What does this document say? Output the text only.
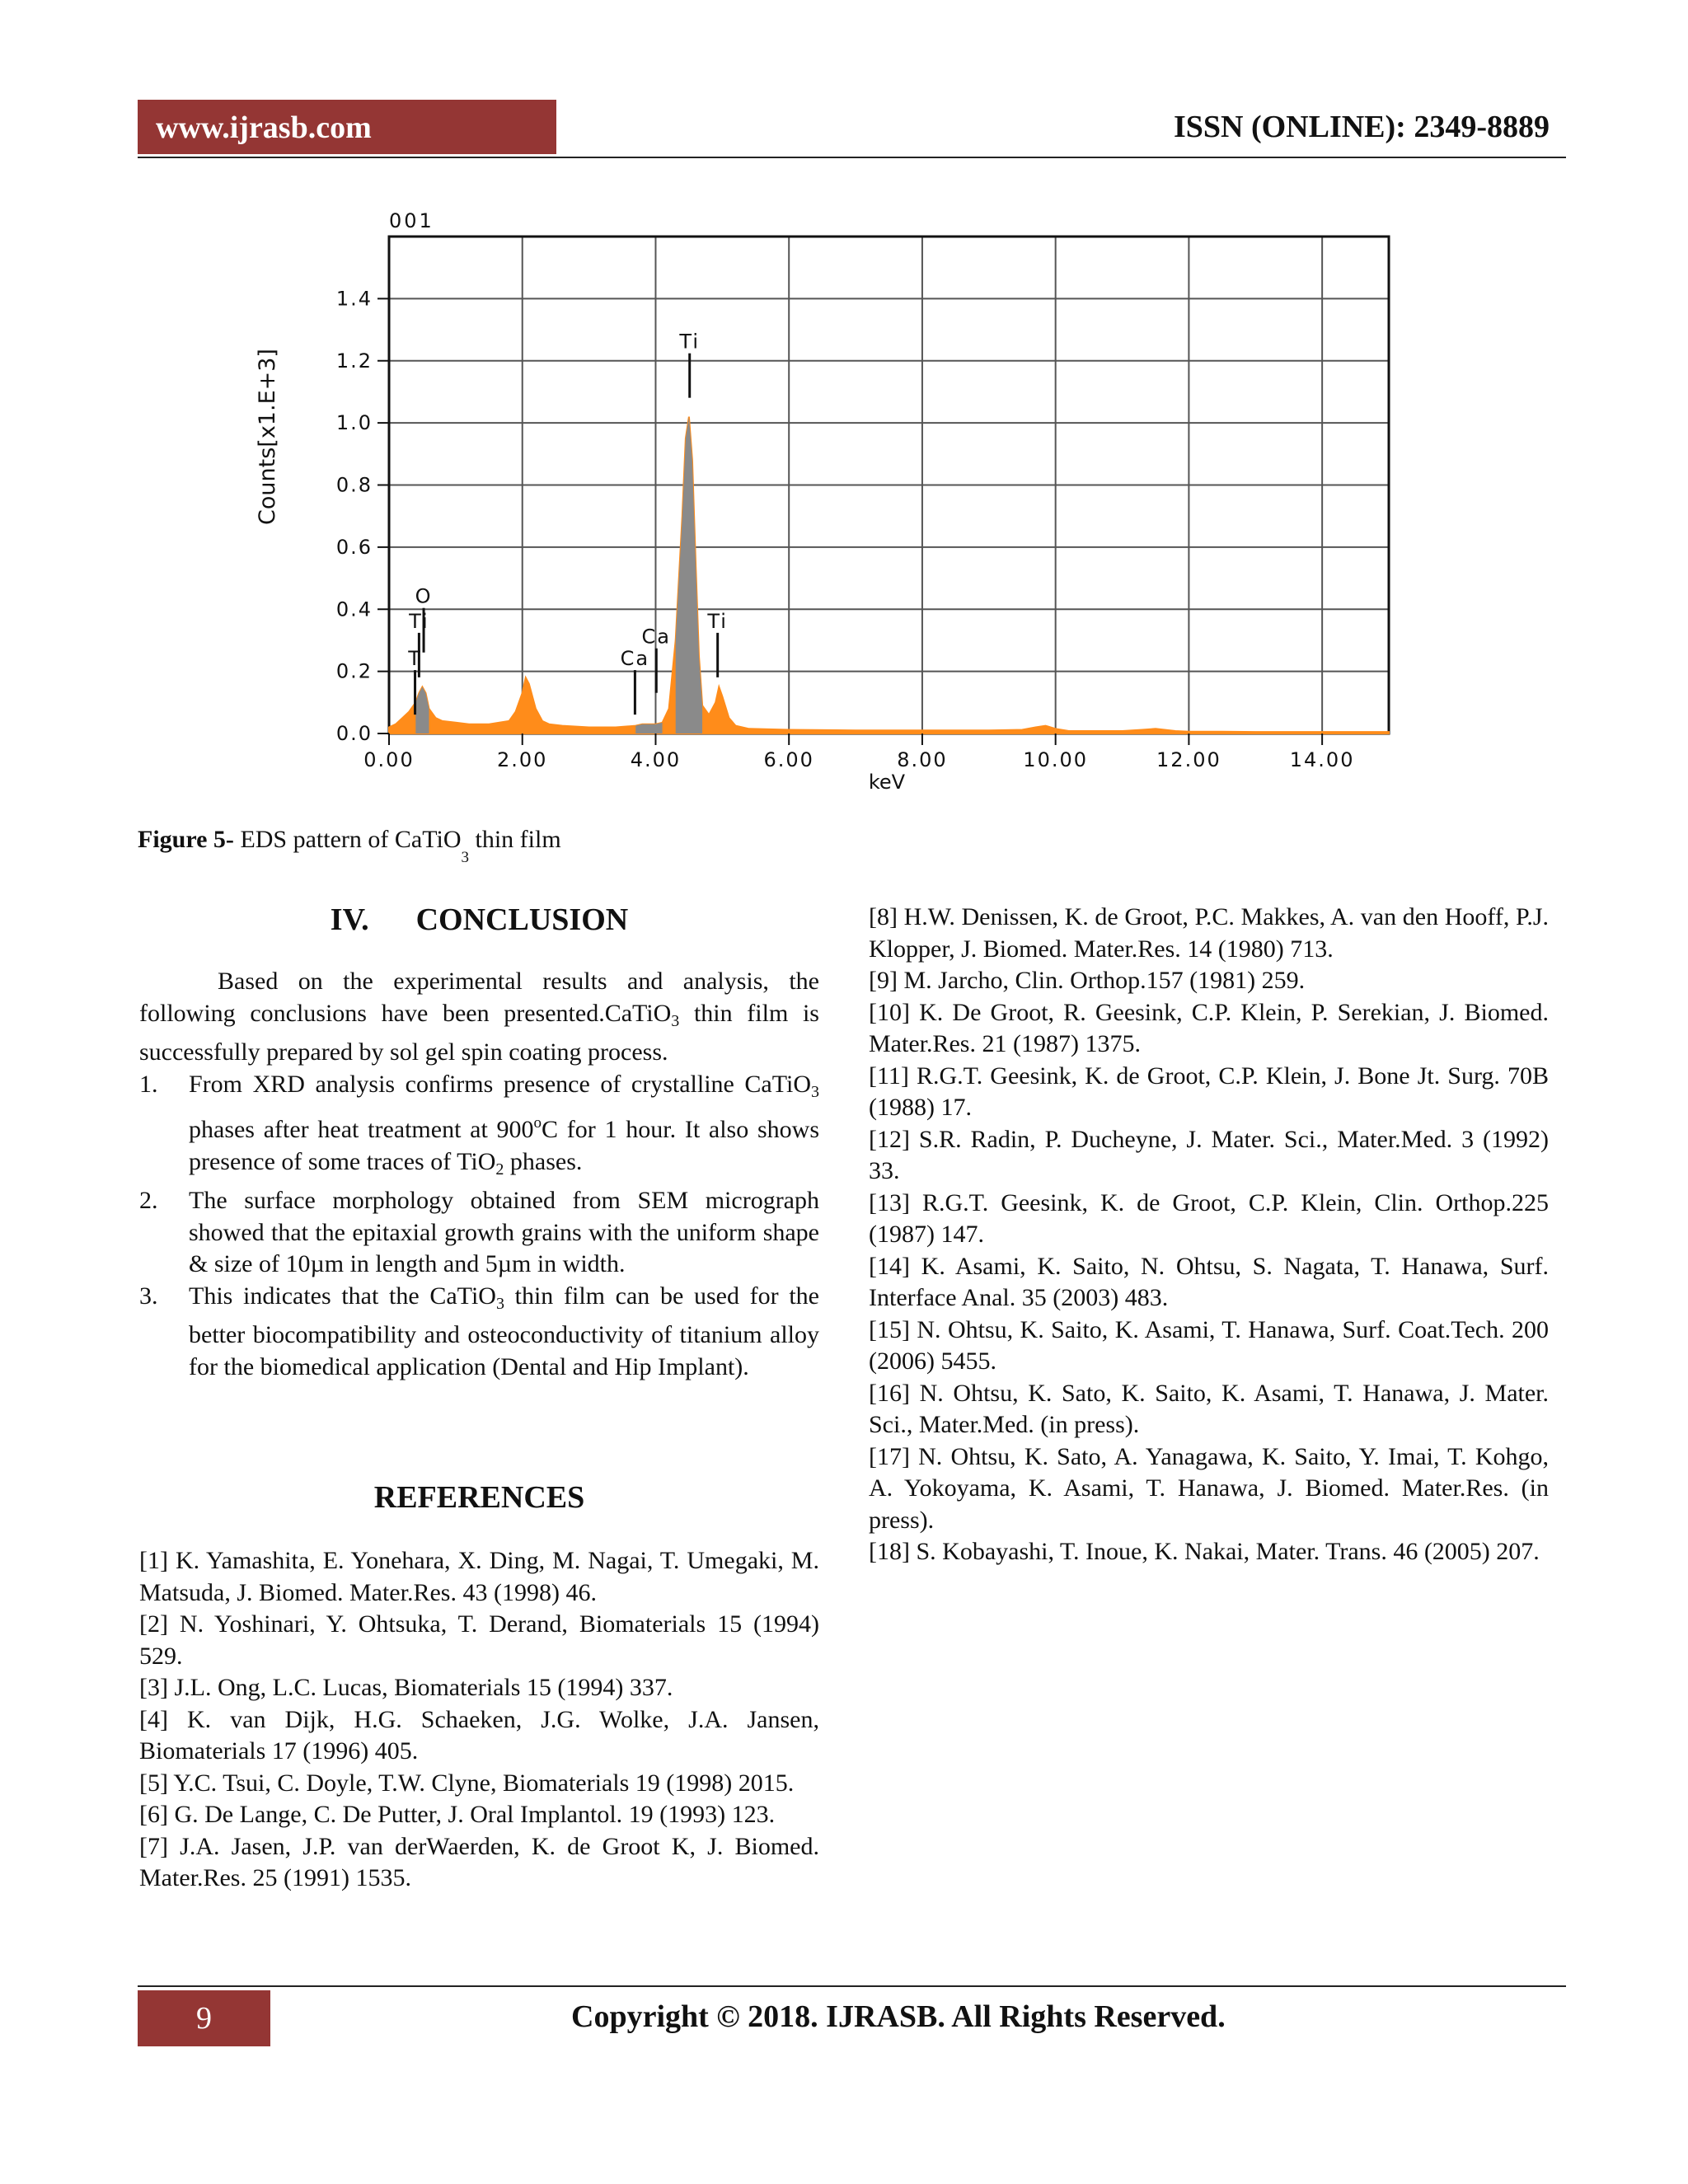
www.ijrasb.com	ISSN (ONLINE): 2349-8889
001
Counts[x1.E+3]
keV
0.00	2.00	4.00	6.00	8.00	10.00	12.00	14.00
0.0
0.2
0.4
0.6
0.8
1.0
1.2
1.4
T
Ti
O
Ca
Ca
Ti
Ti
Figure 5- EDS pattern of CaTiO$_3$ thin film
IV.      CONCLUSION

Based on the experimental results and analysis, the following conclusions have been presented.CaTiO$_3$ thin film is successfully prepared by sol gel spin coating process.

1. From XRD analysis confirms presence of crystalline CaTiO$_3$ phases after heat treatment at 900$^o$C for 1 hour. It also shows presence of some traces of TiO$_2$ phases.
2. The surface morphology obtained from SEM micrograph showed that the epitaxial growth grains with the uniform shape & size of 10µm in length and 5µm in width.
3. This indicates that the CaTiO$_3$ thin film can be used for the better biocompatibility and osteoconductivity of titanium alloy for the biomedical application (Dental and Hip Implant).
REFERENCES

[1] K. Yamashita, E. Yonehara, X. Ding, M. Nagai, T. Umegaki, M. Matsuda, J. Biomed. Mater.Res. 43 (1998) 46.

[2] N. Yoshinari, Y. Ohtsuka, T. Derand, Biomaterials 15 (1994) 529.

[3] J.L. Ong, L.C. Lucas, Biomaterials 15 (1994) 337.

[4] K. van Dijk, H.G. Schaeken, J.G. Wolke, J.A. Jansen, Biomaterials 17 (1996) 405.

[5] Y.C. Tsui, C. Doyle, T.W. Clyne, Biomaterials 19 (1998) 2015.

[6] G. De Lange, C. De Putter, J. Oral Implantol. 19 (1993) 123.

[7] J.A. Jasen, J.P. van derWaerden, K. de Groot K, J. Biomed. Mater.Res. 25 (1991) 1535.

[8] H.W. Denissen, K. de Groot, P.C. Makkes, A. van den Hooff, P.J. Klopper, J. Biomed. Mater.Res. 14 (1980) 713.

[9] M. Jarcho, Clin. Orthop.157 (1981) 259.

[10] K. De Groot, R. Geesink, C.P. Klein, P. Serekian, J. Biomed. Mater.Res. 21 (1987) 1375.

[11] R.G.T. Geesink, K. de Groot, C.P. Klein, J. Bone Jt. Surg. 70B (1988) 17.

[12] S.R. Radin, P. Ducheyne, J. Mater. Sci., Mater.Med. 3 (1992) 33.

[13] R.G.T. Geesink, K. de Groot, C.P. Klein, Clin. Orthop.225 (1987) 147.

[14] K. Asami, K. Saito, N. Ohtsu, S. Nagata, T. Hanawa, Surf. Interface Anal. 35 (2003) 483.

[15] N. Ohtsu, K. Saito, K. Asami, T. Hanawa, Surf. Coat.Tech. 200 (2006) 5455.

[16] N. Ohtsu, K. Sato, K. Saito, K. Asami, T. Hanawa, J. Mater. Sci., Mater.Med. (in press).

[17] N. Ohtsu, K. Sato, A. Yanagawa, K. Saito, Y. Imai, T. Kohgo, A. Yokoyama, K. Asami, T. Hanawa, J. Biomed. Mater.Res. (in press).

[18] S. Kobayashi, T. Inoue, K. Nakai, Mater. Trans. 46 (2005) 207.

9	Copyright © 2018. IJRASB. All Rights Reserved.
